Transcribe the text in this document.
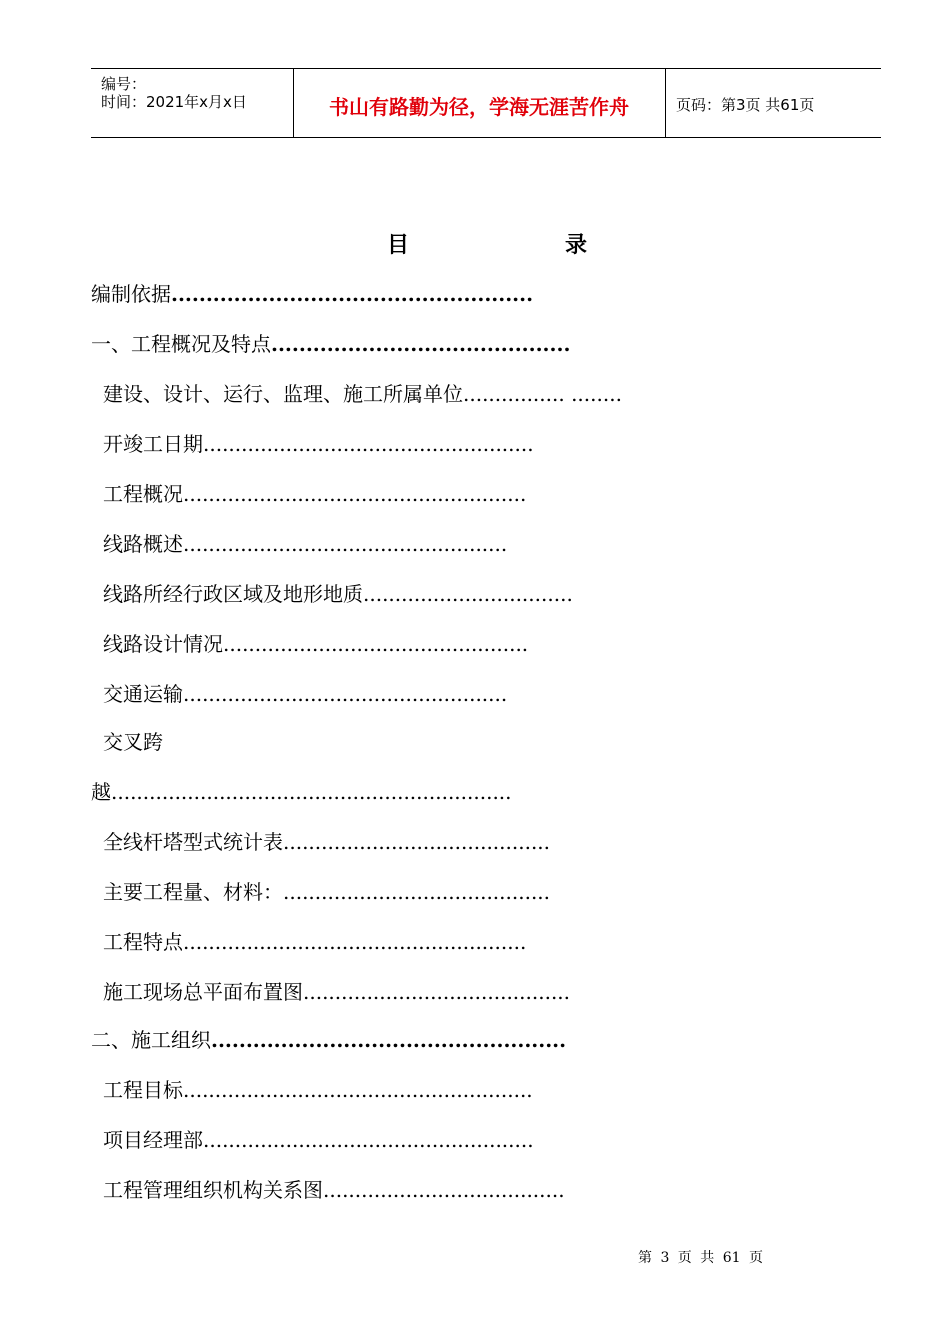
编号：
时间：2021年x月x日	书山有路勤为径，学海无涯苦作舟	页码：第3页 共61页
目	录
编制依据....................................................
一、工程概况及特点...........................................
建设、设计、运行、监理、施工所属单位................ ........
开竣工日期....................................................
工程概况......................................................
线路概述...................................................
线路所经行政区域及地形地质.................................
线路设计情况................................................
交通运输...................................................
交叉跨
越...............................................................
全线杆塔型式统计表..........................................
主要工程量、材料：..........................................
工程特点......................................................
施工现场总平面布置图..........................................
二、施工组织...................................................
工程目标.......................................................
项目经理部....................................................
工程管理组织机构关系图......................................
第 3 页 共 61 页
